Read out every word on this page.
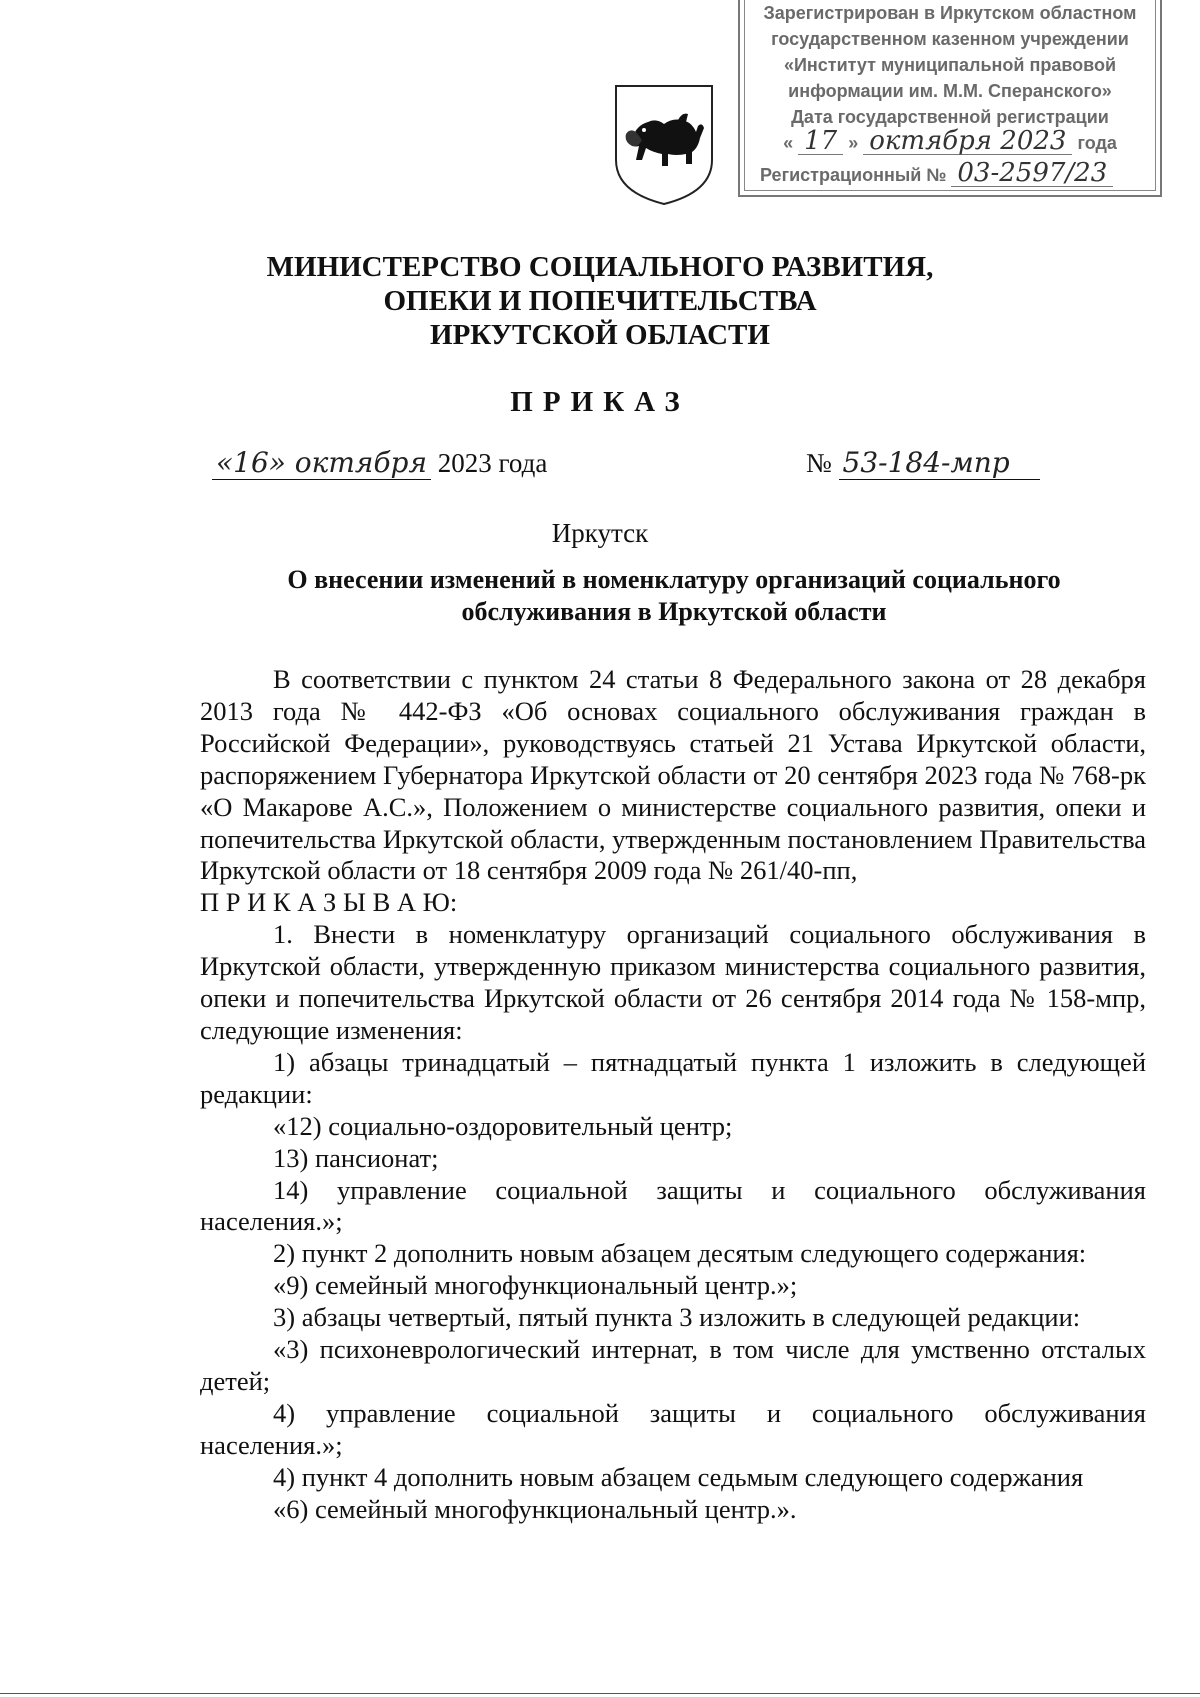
Зарегистрирован в Иркутском областном
государственном казенном учреждении
«Институт муниципальной правовой
информации им. М.М. Сперанского»
Дата государственной регистрации
« 17 » октября 2023 года
Регистрационный № 03-2597/23
МИНИСТЕРСТВО СОЦИАЛЬНОГО РАЗВИТИЯ,
ОПЕКИ И ПОПЕЧИТЕЛЬСТВА
ИРКУТСКОЙ ОБЛАСТИ
ПРИКАЗ
«16» октября 2023 года	№ 53-184-мпр
Иркутск
О внесении изменений в номенклатуру организаций социального
обслуживания в Иркутской области

В соответствии с пунктом 24 статьи 8 Федерального закона от 28 декабря 2013 года № 442-ФЗ «Об основах социального обслуживания граждан в Российской Федерации», руководствуясь статьей 21 Устава Иркутской области, распоряжением Губернатора Иркутской области от 20 сентября 2023 года № 768-рк «О Макарове А.С.», Положением о министерстве социального развития, опеки и попечительства Иркутской области, утвержденным постановлением Правительства Иркутской области от 18 сентября 2009 года № 261/40-пп,

П Р И К А З Ы В А Ю:

1. Внести в номенклатуру организаций социального обслуживания в Иркутской области, утвержденную приказом министерства социального развития, опеки и попечительства Иркутской области от 26 сентября 2014 года № 158-мпр, следующие изменения:

1) абзацы тринадцатый – пятнадцатый пункта 1 изложить в следующей редакции:

«12) социально-оздоровительный центр;

13) пансионат;

14) управление социальной защиты и социального обслуживания населения.»;

2) пункт 2 дополнить новым абзацем десятым следующего содержания:

«9) семейный многофункциональный центр.»;

3) абзацы четвертый, пятый пункта 3 изложить в следующей редакции:

«3) психоневрологический интернат, в том числе для умственно отсталых детей;

4) управление социальной защиты и социального обслуживания населения.»;

4) пункт 4 дополнить новым абзацем седьмым следующего содержания

«6) семейный многофункциональный центр.».
